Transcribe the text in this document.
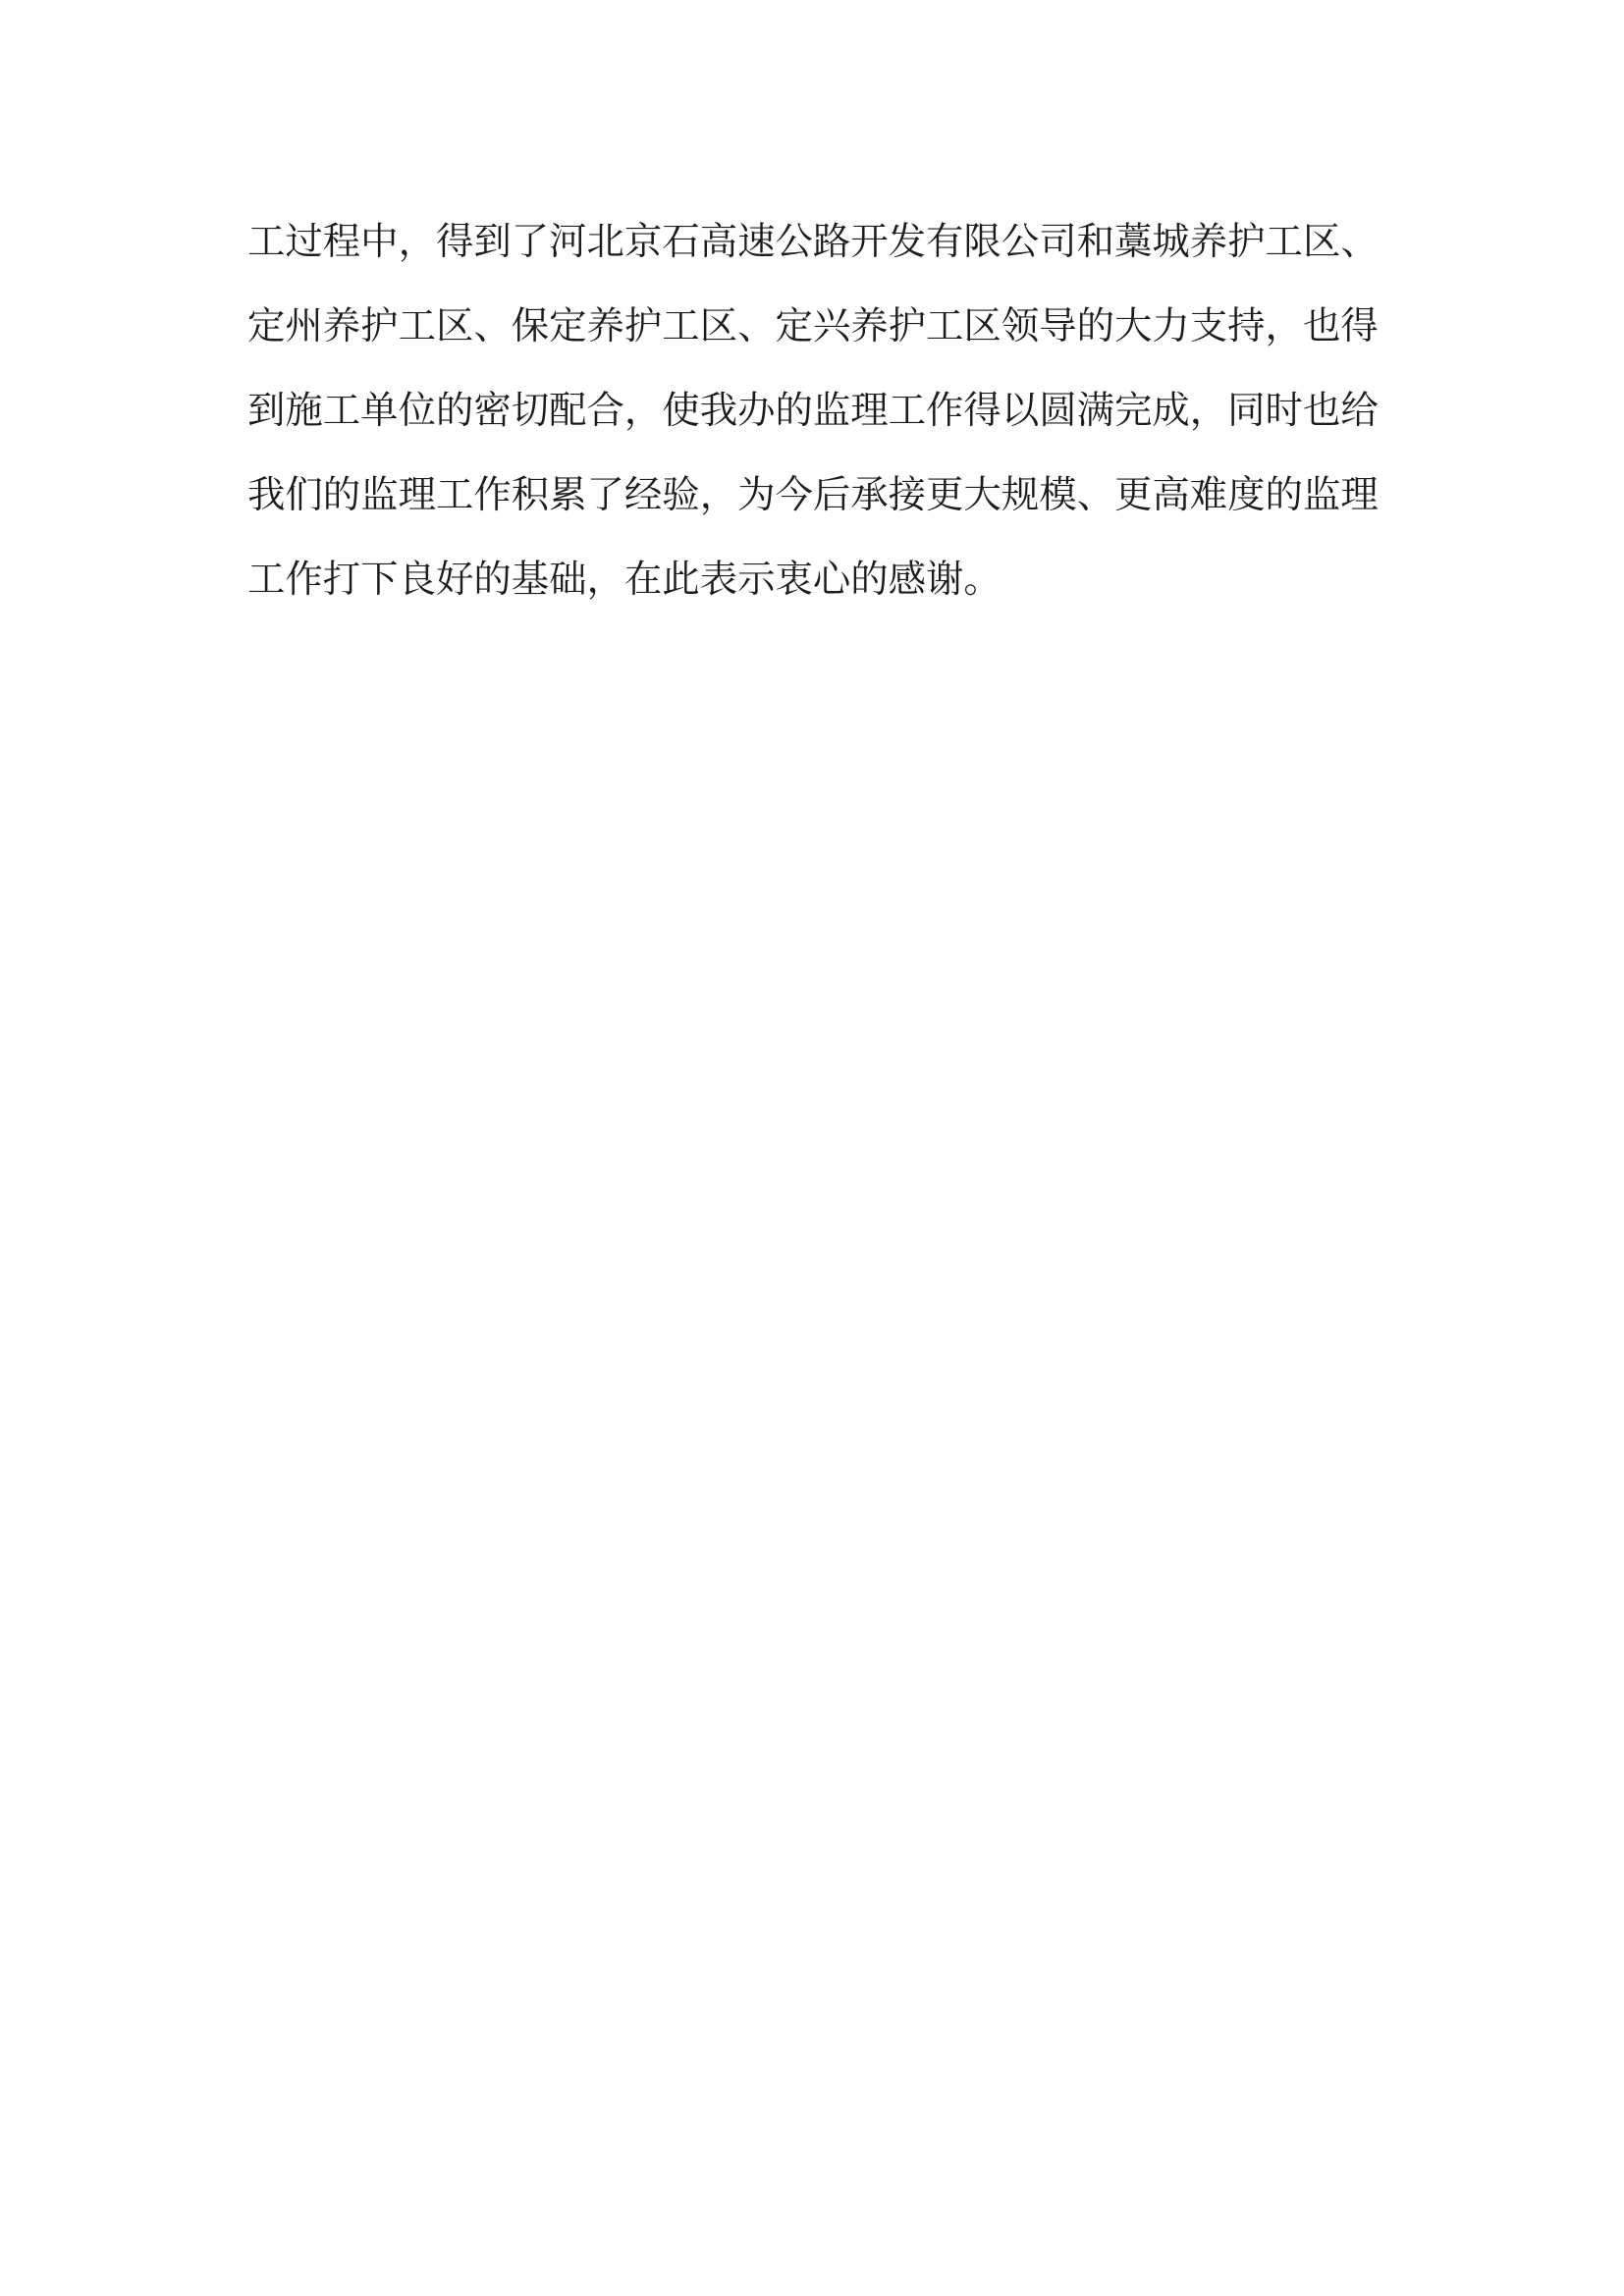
工过程中，得到了河北京石高速公路开发有限公司和藁城养护工区、
定州养护工区、保定养护工区、定兴养护工区领导的大力支持，也得
到施工单位的密切配合，使我办的监理工作得以圆满完成，同时也给
我们的监理工作积累了经验，为今后承接更大规模、更高难度的监理
工作打下良好的基础，在此表示衷心的感谢。
